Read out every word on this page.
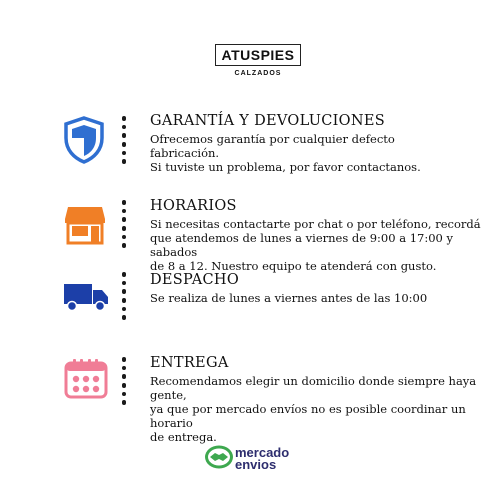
ATUSPIES
CALZADOS
GARANTÍA Y DEVOLUCIONES
Ofrecemos garantía por cualquier defecto
fabricación.
Si tuviste un problema, por favor contactanos.
HORARIOS
Si necesitas contactarte por chat o por teléfono, recordá
que atendemos de lunes a viernes de 9:00 a 17:00 y sabados
de 8 a 12. Nuestro equipo te atenderá con gusto.
DESPACHO
Se realiza de lunes a viernes antes de las 10:00
ENTREGA
Recomendamos elegir un domicilio donde siempre haya gente,
ya que por mercado envíos no es posible coordinar un horario
de entrega.
mercado
envios
